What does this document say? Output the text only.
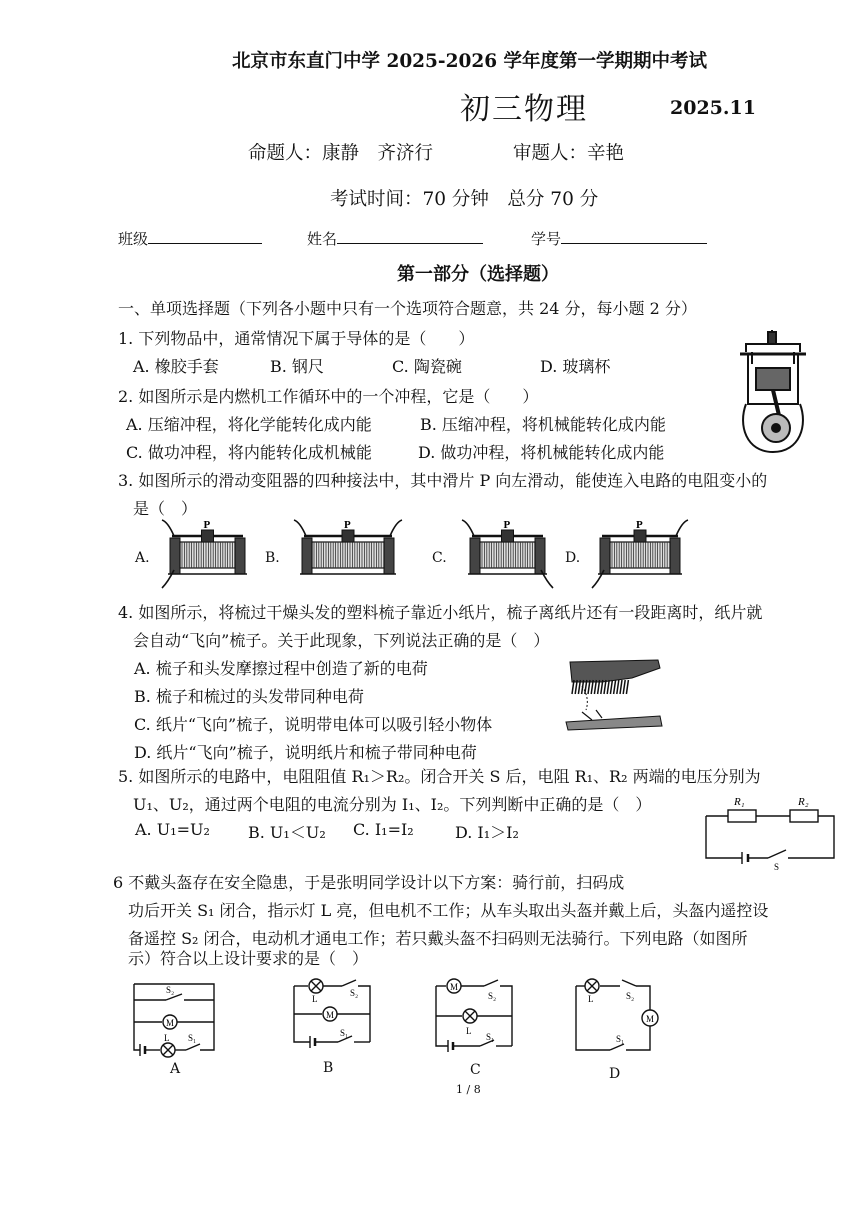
北京市东直门中学 2025-2026 学年度第一学期期中考试
初三物理	2025.11
命题人：康静　齐济行	审题人：辛艳
考试时间：70 分钟　总分 70 分
班级	姓名	学号
第一部分（选择题）
一、单项选择题（下列各小题中只有一个选项符合题意，共 24 分，每小题 2 分）
1. 下列物品中，通常情况下属于导体的是（　　）
A. 橡胶手套	B. 钢尺	C. 陶瓷碗	D. 玻璃杯
2. 如图所示是内燃机工作循环中的一个冲程，它是（　　）
A. 压缩冲程，将化学能转化成内能	B. 压缩冲程，将机械能转化成内能
C. 做功冲程，将内能转化成机械能	D. 做功冲程，将机械能转化成内能
3. 如图所示的滑动变阻器的四种接法中，其中滑片 P 向左滑动，能使连入电路的电阻变小的
是（　）
A.	B.	C.	D.
P	P	P	P
4. 如图所示，将梳过干燥头发的塑料梳子靠近小纸片，梳子离纸片还有一段距离时，纸片就
会自动“飞向”梳子。关于此现象，下列说法正确的是（　）
A. 梳子和头发摩擦过程中创造了新的电荷
B. 梳子和梳过的头发带同种电荷
C. 纸片“飞向”梳子，说明带电体可以吸引轻小物体
D. 纸片“飞向”梳子，说明纸片和梳子带同种电荷
5. 如图所示的电路中，电阻阻值 R₁＞R₂。闭合开关 S 后，电阻 R₁、R₂ 两端的电压分别为
U₁、U₂，通过两个电阻的电流分别为 I₁、I₂。下列判断中正确的是（　）
A. U₁=U₂ B. U₁＜U₂ C. I₁=I₂	D. I₁＞I₂
R₁	R₂
S
6 不戴头盔存在安全隐患，于是张明同学设计以下方案：骑行前，扫码成
功后开关 S₁ 闭合，指示灯 L 亮，但电机不工作；从车头取出头盔并戴上后，头盔内遥控设
备遥控 S₂ 闭合，电动机才通电工作；若只戴头盔不扫码则无法骑行。下列电路（如图所
示）符合以上设计要求的是（　）
S₂
M
L S₁
A
L
S₂
M
S₁
B
M
S₂
L
S₁
C
L	S₂
M
S₁
D
1 / 8
